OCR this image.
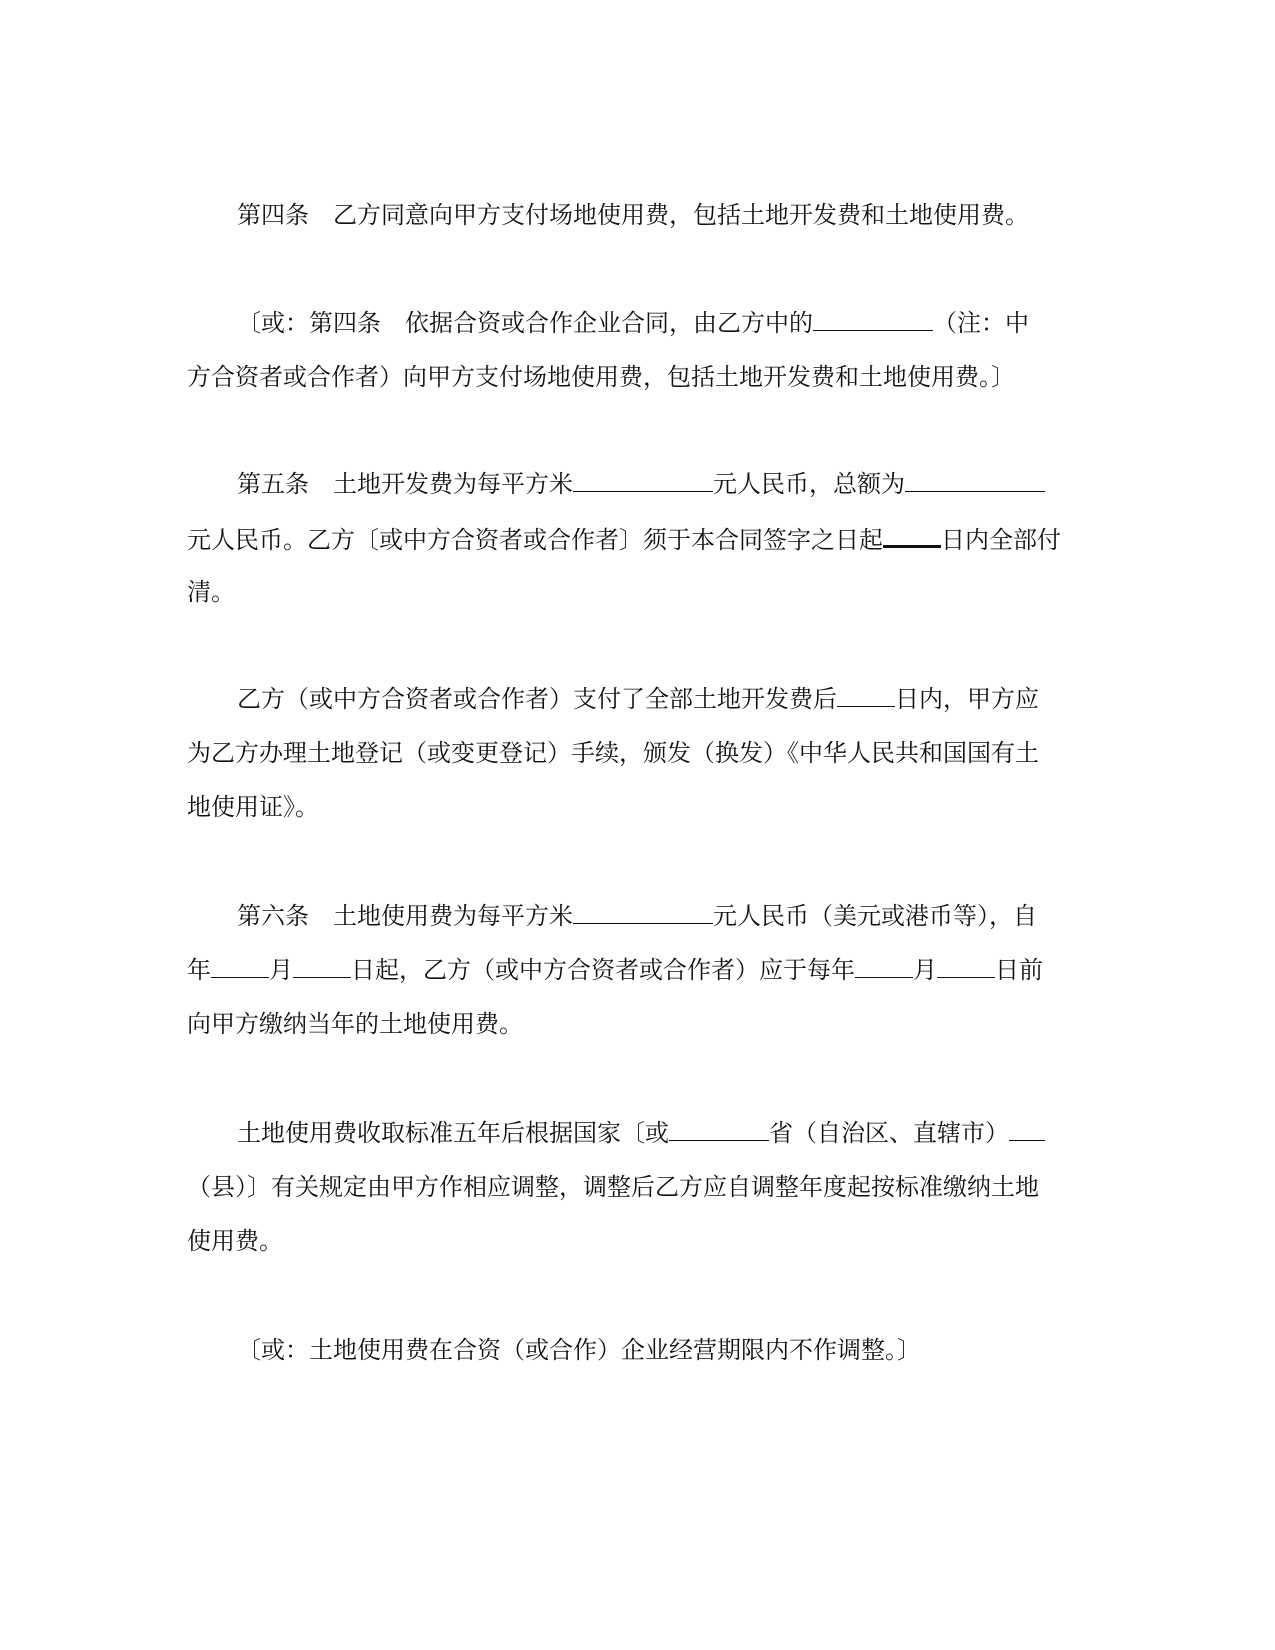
第四条 乙方同意向甲方支付场地使用费，包括土地开发费和土地使用费。
〔或：第四条 依据合资或合作企业合同，由乙方中的	（注：中
方合资者或合作者）向甲方支付场地使用费，包括土地开发费和土地使用费。〕
第五条 土地开发费为每平方米	元人民币，总额为
元人民币。乙方〔或中方合资者或合作者〕须于本合同签字之日起 日内全部付
清。
乙方（或中方合资者或合作者）支付了全部土地开发费后 日内，甲方应
为乙方办理土地登记（或变更登记）手续，颁发（换发）《中华人民共和国国有土
地使用证》。
第六条 土地使用费为每平方米	元人民币（美元或港币等），自
年 月 日起，乙方（或中方合资者或合作者）应于每年 月 日前
向甲方缴纳当年的土地使用费。
土地使用费收取标准五年后根据国家〔或	省（自治区、直辖市）
（县）〕有关规定由甲方作相应调整，调整后乙方应自调整年度起按标准缴纳土地
使用费。
〔或：土地使用费在合资（或合作）企业经营期限内不作调整。〕
